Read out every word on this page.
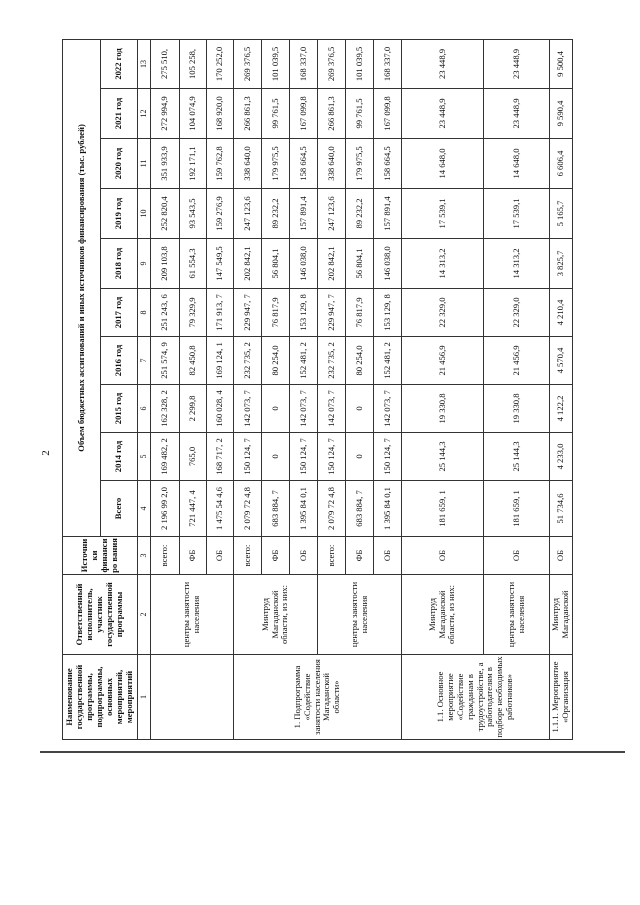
2
Наименование государственной программы, подпрограммы, основных мероприятий, мероприятий	Ответственный исполнитель, участник государственной программы	Источники финансиро вания	Объем бюджетных ассигнований и иных источников финансирования (тыс. рублей)									
			Всего	2014 год	2015 год	2016 год	2017 год	2018 год	2019 год	2020 год	2021 год	2022 год
1	2	3	4	5	6	7	8	9	10	11	12	13
	центры занятости населения	всего:	2 196 99 2,0	169 482, 2	162 328, 2	251 574, 9	251 243, 6	209 103,8	252 820,4	351 933,9	272 994,9	275 510,
		ФБ	721 447, 4	765,0	2 299,8	82 450,8	79 329,9	61 554,3	93 543,5	192 171,1	104 074,9	105 258,
		ОБ	1 475 54 4,6	168 717, 2	160 028, 4	169 124, 1	171 913, 7	147 549,5	159 276,9	159 762,8	168 920,0	170 252,0
1. Подпрограмма «Содействие занятости населения Магаданской области»	Минтруд Магаданской области, из них:	всего:	2 079 72 4,8	150 124, 7	142 073, 7	232 735, 2	229 947, 7	202 842,1	247 123,6	338 640,0	266 861,3	269 376,5
		ФБ	683 884, 7	0	0	80 254,0	76 817,9	56 804,1	89 232,2	179 975,5	99 761,5	101 039,5
		ОБ	1 395 84 0,1	150 124, 7	142 073, 7	152 481, 2	153 129, 8	146 038,0	157 891,4	158 664,5	167 099,8	168 337,0
	центры занятости населения	всего:	2 079 72 4,8	150 124, 7	142 073, 7	232 735, 2	229 947, 7	202 842,1	247 123,6	338 640,0	266 861,3	269 376,5
		ФБ	683 884, 7	0	0	80 254,0	76 817,9	56 804,1	89 232,2	179 975,5	99 761,5	101 039,5
		ОБ	1 395 84 0,1	150 124, 7	142 073, 7	152 481, 2	153 129, 8	146 038,0	157 891,4	158 664,5	167 099,8	168 337,0
1.1. Основное мероприятие «Содействие гражданам в трудоустройстве, а работодателям в подборе необходимых работников»	Минтруд Магаданской области, из них:	ОБ	181 659, 1	25 144,3	19 330,8	21 456,9	22 329,0	14 313,2	17 539,1	14 648,0	23 448,9	23 448,9
	центры занятости населения	ОБ	181 659, 1	25 144,3	19 330,8	21 456,9	22 329,0	14 313,2	17 539,1	14 648,0	23 448,9	23 448,9
1.1.1. Мероприятие «Организация	Минтруд Магаданской	ОБ	51 734,6	4 233,0	4 122,2	4 570,4	4 210,4	3 825,7	5 165,7	6 606,4	9 590,4	9 500,4
